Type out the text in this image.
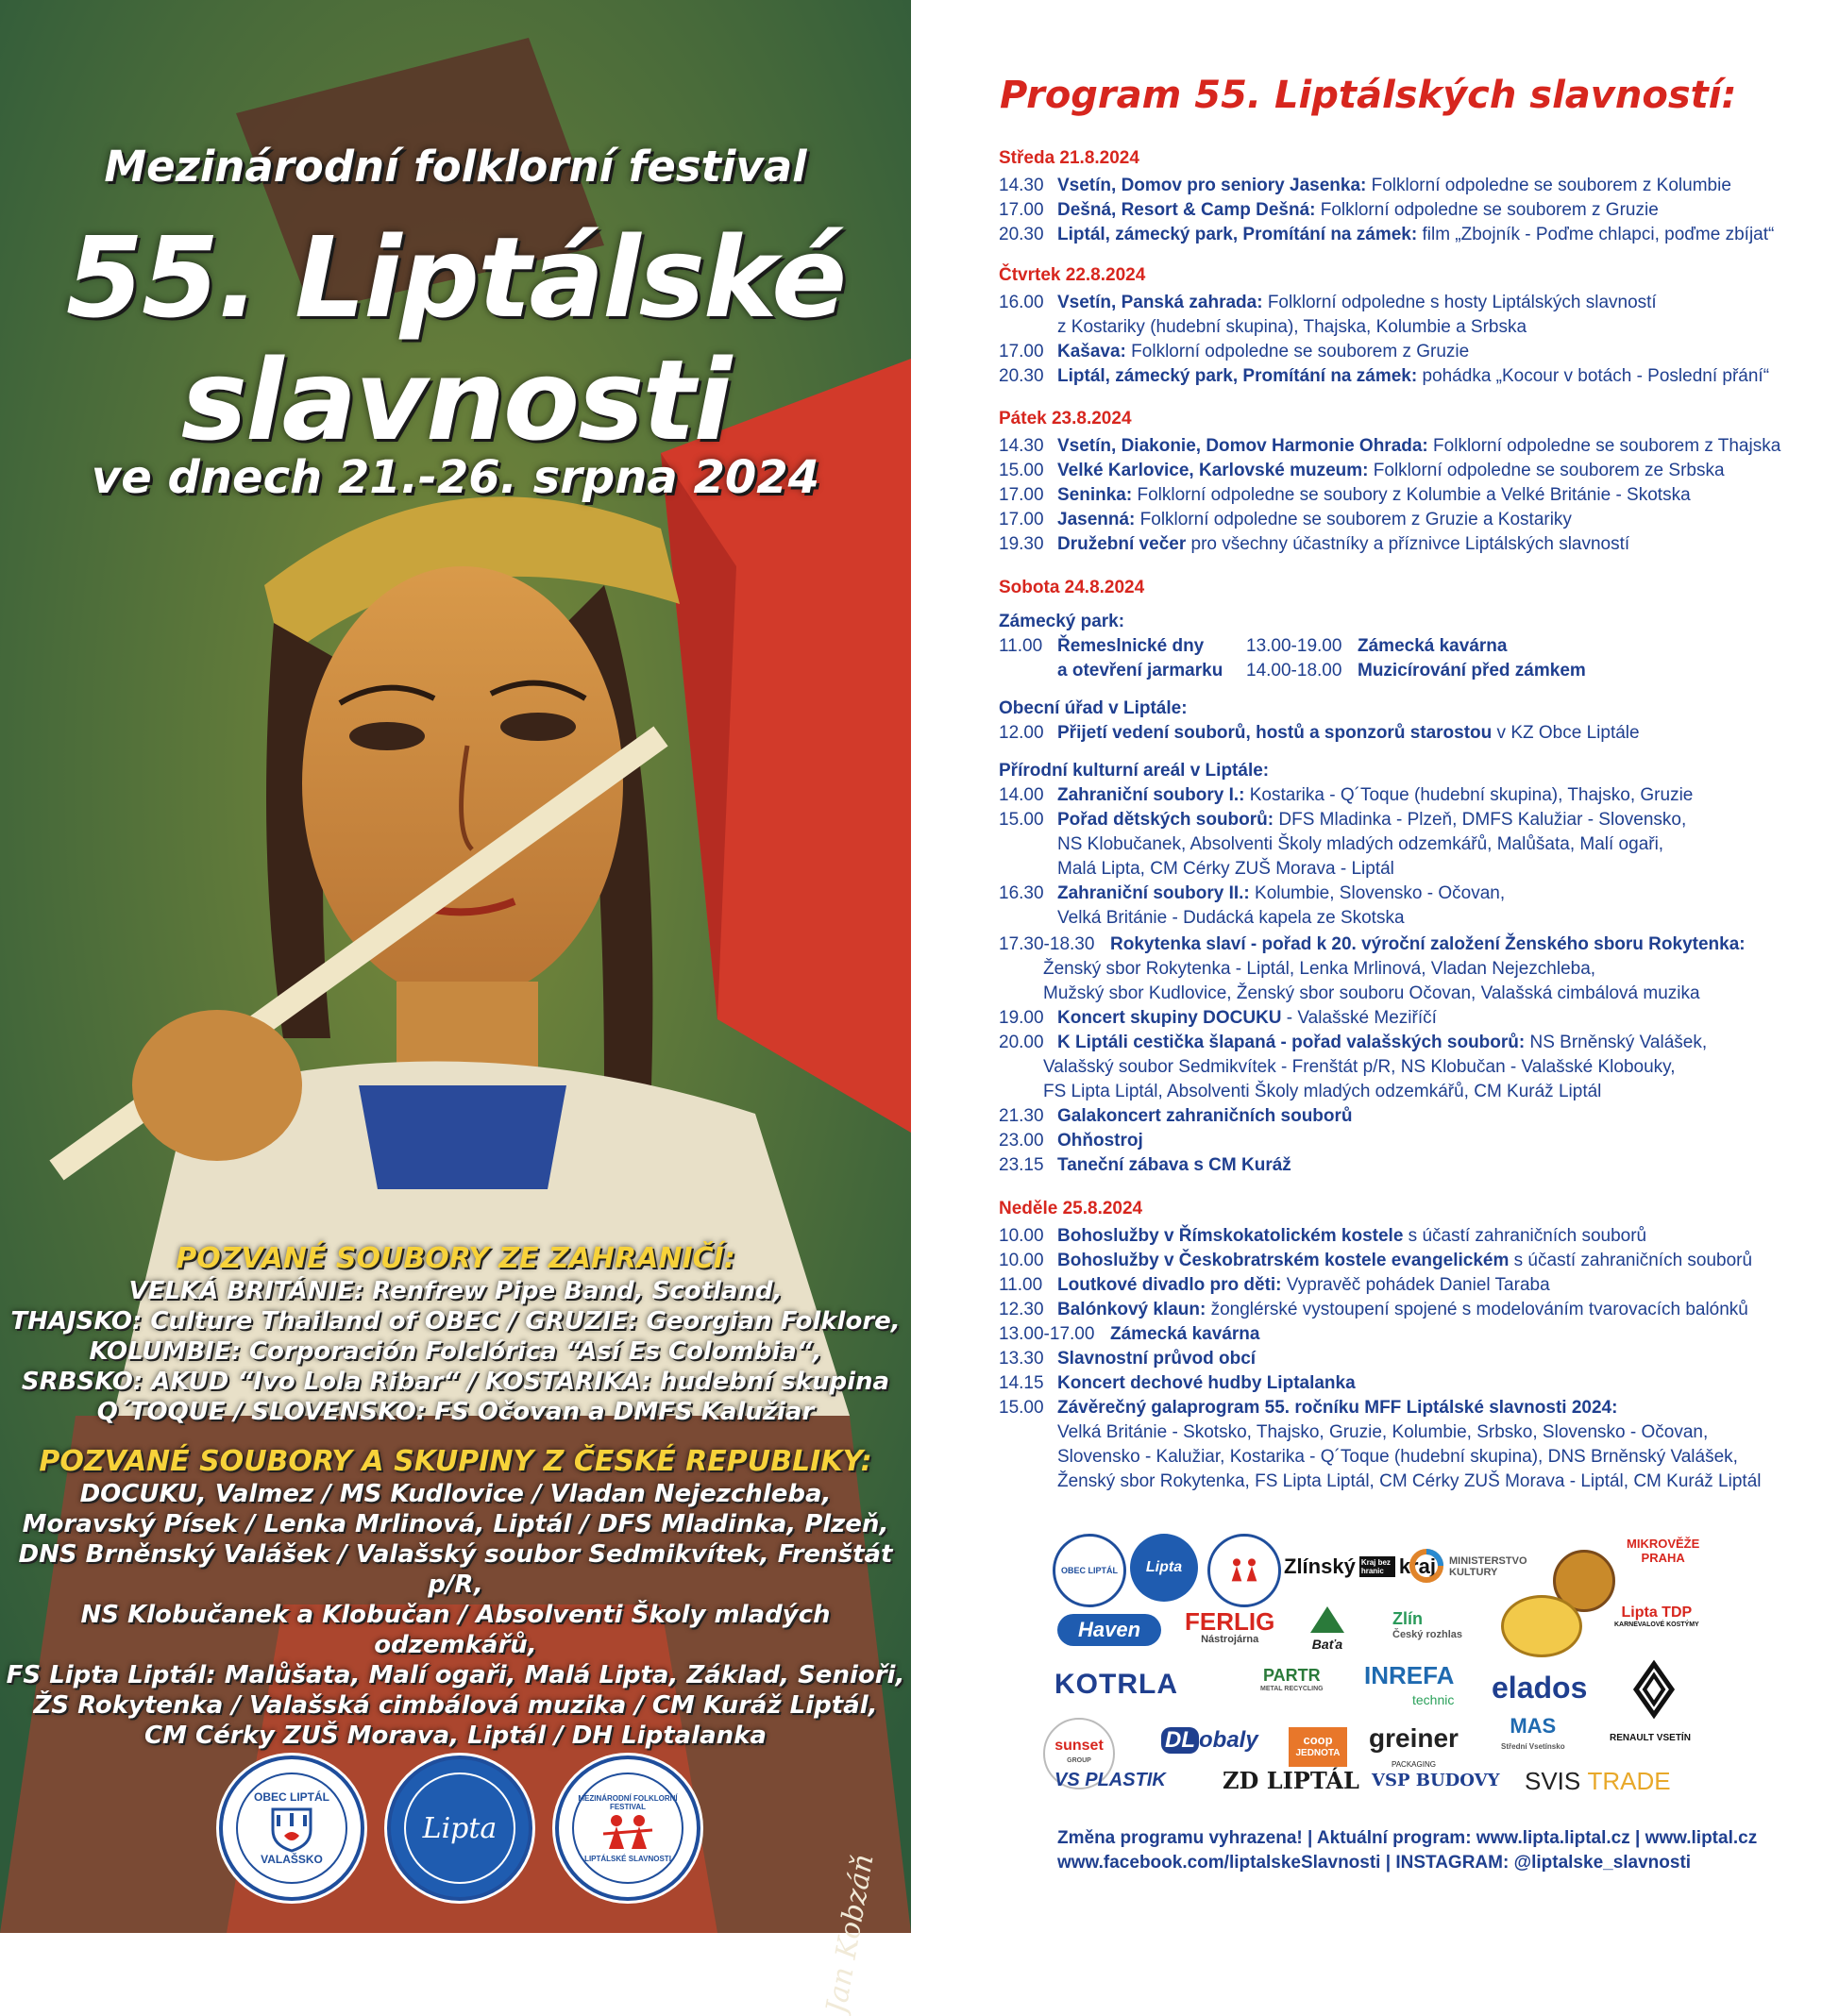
Mezinárodní folklorní festival
55. Liptálské
slavnosti
ve dnech 21.-26. srpna 2024
POZVANÉ SOUBORY ZE ZAHRANIČÍ:
VELKÁ BRITÁNIE: Renfrew Pipe Band, Scotland,
THAJSKO: Culture Thailand of OBEC / GRUZIE: Georgian Folklore,
KOLUMBIE: Corporación Folclórica “Así Es Colombia“,
SRBSKO: AKUD “Ivo Lola Ribar“ / KOSTARIKA: hudební skupina
Q´TOQUE / SLOVENSKO: FS Očovan a DMFS Kalužiar
POZVANÉ SOUBORY A SKUPINY Z ČESKÉ REPUBLIKY:
DOCUKU, Valmez / MS Kudlovice / Vladan Nejezchleba,
Moravský Písek / Lenka Mrlinová, Liptál / DFS Mladinka, Plzeň,
DNS Brněnský Valášek / Valašský soubor Sedmikvítek, Frenštát p/R,
NS Klobučanek a Klobučan / Absolventi Školy mladých odzemkářů,
FS Lipta Liptál: Malůšata, Malí ogaři, Malá Lipta, Základ, Senioři,
ŽS Rokytenka / Valašská cimbálová muzika / CM Kuráž Liptál,
CM Cérky ZUŠ Morava, Liptál / DH Liptalanka
OBEC LIPTÁL
VALAŠSKO
Lipta
MEZINÁRODNÍ FOLKLORNÍ FESTIVAL
LIPTÁLSKÉ SLAVNOSTI	Jan Kobzáň
Program 55. Liptálských slavností:
Středa 21.8.2024
14.30 Vsetín, Domov pro seniory Jasenka: Folklorní odpoledne se souborem z Kolumbie
17.00 Dešná, Resort & Camp Dešná: Folklorní odpoledne se souborem z Gruzie
20.30 Liptál, zámecký park, Promítání na zámek: film „Zbojník - Poďme chlapci, poďme zbíjat“
Čtvrtek 22.8.2024
16.00 Vsetín, Panská zahrada: Folklorní odpoledne s hosty Liptálských slavností
z Kostariky (hudební skupina), Thajska, Kolumbie a Srbska
17.00 Kašava: Folklorní odpoledne se souborem z Gruzie
20.30 Liptál, zámecký park, Promítání na zámek: pohádka „Kocour v botách - Poslední přání“
Pátek 23.8.2024
14.30 Vsetín, Diakonie, Domov Harmonie Ohrada: Folklorní odpoledne se souborem z Thajska
15.00 Velké Karlovice, Karlovské muzeum: Folklorní odpoledne se souborem ze Srbska
17.00 Seninka: Folklorní odpoledne se soubory z Kolumbie a Velké Británie - Skotska
17.00 Jasenná: Folklorní odpoledne se souborem z Gruzie a Kostariky
19.30 Družební večer pro všechny účastníky a příznivce Liptálských slavností
Sobota 24.8.2024
Zámecký park:
11.00 Řemeslnické dny
a otevření jarmarku
13.00-19.00 Zámecká kavárna
14.00-18.00 Muzicírování před zámkem
Obecní úřad v Liptále:
12.00 Přijetí vedení souborů, hostů a sponzorů starostou v KZ Obce Liptále
Přírodní kulturní areál v Liptále:
14.00 Zahraniční soubory I.: Kostarika - Q´Toque (hudební skupina), Thajsko, Gruzie
15.00 Pořad dětských souborů: DFS Mladinka - Plzeň, DMFS Kalužiar - Slovensko,
NS Klobučanek, Absolventi Školy mladých odzemkářů, Malůšata, Malí ogaři,
Malá Lipta, CM Cérky ZUŠ Morava - Liptál
16.30 Zahraniční soubory II.: Kolumbie, Slovensko - Očovan,
Velká Británie - Dudácká kapela ze Skotska
17.30-18.30 Rokytenka slaví - pořad k 20. výroční založení Ženského sboru Rokytenka:
Ženský sbor Rokytenka - Liptál, Lenka Mrlinová, Vladan Nejezchleba,
Mužský sbor Kudlovice, Ženský sbor souboru Očovan, Valašská cimbálová muzika
19.00 Koncert skupiny DOCUKU - Valašské Meziříčí
20.00 K Liptáli cestička šlapaná - pořad valašských souborů: NS Brněnský Valášek,
Valašský soubor Sedmikvítek - Frenštát p/R, NS Klobučan - Valašské Klobouky,
FS Lipta Liptál, Absolventi Školy mladých odzemkářů, CM Kuráž Liptál
21.30 Galakoncert zahraničních souborů
23.00 Ohňostroj
23.15 Taneční zábava s CM Kuráž
Neděle 25.8.2024
10.00 Bohoslužby v Římskokatolickém kostele s účastí zahraničních souborů
10.00 Bohoslužby v Českobratrském kostele evangelickém s účastí zahraničních souborů
11.00 Loutkové divadlo pro děti: Vypravěč pohádek Daniel Taraba
12.30 Balónkový klaun: žonglérské vystoupení spojené s modelováním tvarovacích balónků
13.00-17.00 Zámecká kavárna
13.30 Slavnostní průvod obcí
14.15 Koncert dechové hudby Liptalanka
15.00 Závěrečný galaprogram 55. ročníku MFF Liptálské slavnosti 2024:
Velká Británie - Skotsko, Thajsko, Gruzie, Kolumbie, Srbsko, Slovensko - Očovan,
Slovensko - Kalužiar, Kostarika - Q´Toque (hudební skupina), DNS Brněnský Valášek,
Ženský sbor Rokytenka, FS Lipta Liptál, CM Cérky ZUŠ Morava - Liptál, CM Kuráž Liptál
OBEC LIPTÁL Lipta	Zlínský Kraj bez hranic kraj MINISTERSTVO
KULTURY
MIKROVĚŽE
PRAHA
Haven FERLIG
Nástrojárna	Baťa
Zlín
Český rozhlas
Lipta TDP
KARNEVALOVÉ KOSTÝMY
KOTRLA	PARTR
METAL RECYCLING INREFA
technic elados
sunset
GROUP
DL obaly	coop
JEDNOTA
greiner
PACKAGING
MAS
Střední Vsetínsko
RENAULT VSETÍN
VS PLASTIK	ZD LIPTÁL VSP BUDOVY SVIS
TRADE
Změna programu vyhrazena! | Aktuální program: www.lipta.liptal.cz | www.liptal.cz
www.facebook.com/liptalskeSlavnosti | INSTAGRAM: @liptalske_slavnosti
